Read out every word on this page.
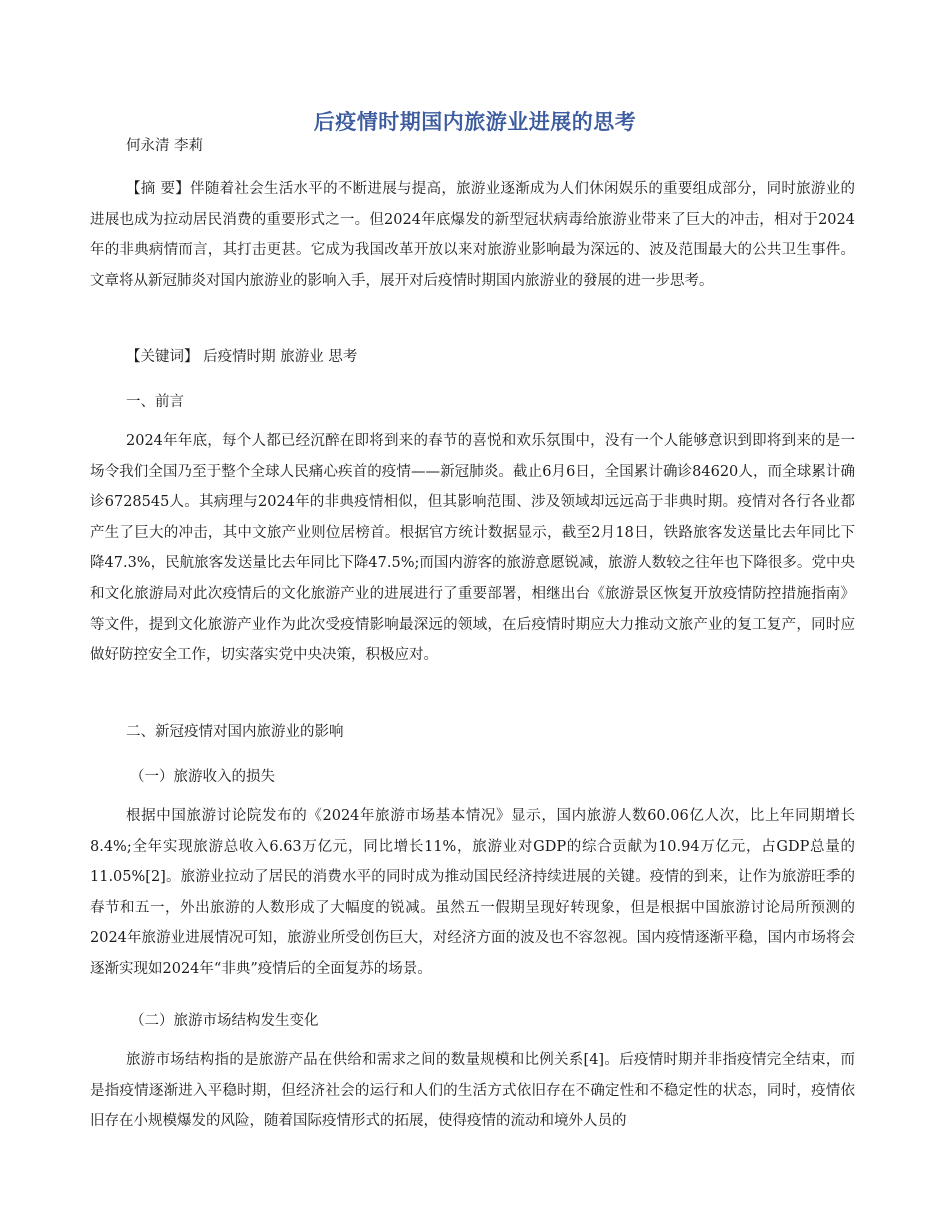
后疫情时期国内旅游业进展的思考
何永清 李莉

【摘 要】伴随着社会生活水平的不断进展与提高，旅游业逐渐成为人们休闲娱乐的重要组成部分，同时旅游业的进展也成为拉动居民消费的重要形式之一。但2024年底爆发的新型冠状病毒给旅游业带来了巨大的冲击，相对于2024年的非典病情而言，其打击更甚。它成为我国改革开放以来对旅游业影响最为深远的、波及范围最大的公共卫生事件。文章将从新冠肺炎对国内旅游业的影响入手，展开对后疫情时期国内旅游业的發展的进一步思考。

【关键词】 后疫情时期 旅游业 思考

一、前言

2024年年底，每个人都已经沉醉在即将到来的春节的喜悦和欢乐氛围中，没有一个人能够意识到即将到来的是一场令我们全国乃至于整个全球人民痛心疾首的疫情——新冠肺炎。截止6月6日，全国累计确诊84620人，而全球累计确诊6728545人。其病理与2024年的非典疫情相似，但其影响范围、涉及领域却远远高于非典时期。疫情对各行各业都产生了巨大的冲击，其中文旅产业则位居榜首。根据官方统计数据显示，截至2月18日，铁路旅客发送量比去年同比下降47.3%，民航旅客发送量比去年同比下降47.5%;而国内游客的旅游意愿锐减，旅游人数较之往年也下降很多。党中央和文化旅游局对此次疫情后的文化旅游产业的进展进行了重要部署，相继出台《旅游景区恢复开放疫情防控措施指南》等文件，提到文化旅游产业作为此次受疫情影响最深远的领域，在后疫情时期应大力推动文旅产业的复工复产，同时应做好防控安全工作，切实落实党中央决策，积极应对。

二、新冠疫情对国内旅游业的影响

（一）旅游收入的损失

根据中国旅游讨论院发布的《2024年旅游市场基本情况》显示，国内旅游人数60.06亿人次，比上年同期增长8.4%;全年实现旅游总收入6.63万亿元，同比增长11%，旅游业对GDP的综合贡献为10.94万亿元，占GDP总量的11.05%[2]。旅游业拉动了居民的消费水平的同时成为推动国民经济持续进展的关键。疫情的到来，让作为旅游旺季的春节和五一，外出旅游的人数形成了大幅度的锐减。虽然五一假期呈现好转现象，但是根据中国旅游讨论局所预测的2024年旅游业进展情况可知，旅游业所受创伤巨大，对经济方面的波及也不容忽视。国内疫情逐渐平稳，国内市场将会逐渐实现如2024年“非典”疫情后的全面复苏的场景。

（二）旅游市场结构发生变化

旅游市场结构指的是旅游产品在供给和需求之间的数量规模和比例关系[4]。后疫情时期并非指疫情完全结束，而是指疫情逐渐进入平稳时期，但经济社会的运行和人们的生活方式依旧存在不确定性和不稳定性的状态，同时，疫情依旧存在小规模爆发的风险，随着国际疫情形式的拓展，使得疫情的流动和境外人员的
